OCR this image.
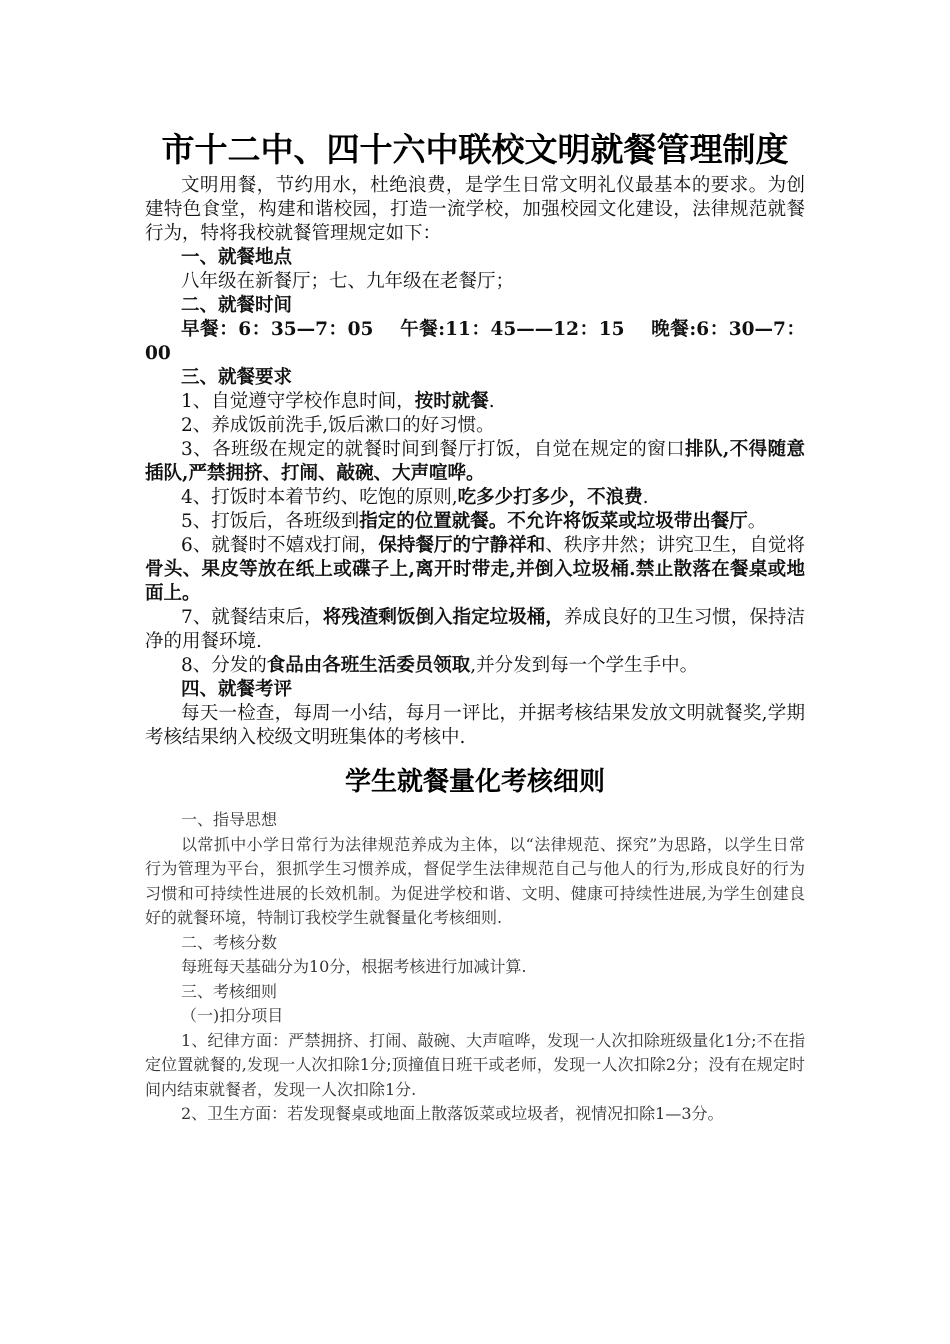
市十二中、四十六中联校文明就餐管理制度

文明用餐，节约用水，杜绝浪费，是学生日常文明礼仪最基本的要求。为创建特色食堂，构建和谐校园，打造一流学校，加强校园文化建设，法律规范就餐行为，特将我校就餐管理规定如下：

一、就餐地点

八年级在新餐厅；七、九年级在老餐厅；

二、就餐时间

早餐：6：35—7：05　 午餐:11：45——12：15　 晚餐:6：30—7：00

三、就餐要求

1、自觉遵守学校作息时间，按时就餐.

2、养成饭前洗手,饭后漱口的好习惯。

3、各班级在规定的就餐时间到餐厅打饭，自觉在规定的窗口排队,不得随意插队,严禁拥挤、打闹、敲碗、大声喧哗。

4、打饭时本着节约、吃饱的原则,吃多少打多少，不浪费.

5、打饭后，各班级到指定的位置就餐。不允许将饭菜或垃圾带出餐厅。

6、就餐时不嬉戏打闹，保持餐厅的宁静祥和、秩序井然；讲究卫生，自觉将骨头、果皮等放在纸上或碟子上,离开时带走,并倒入垃圾桶.禁止散落在餐桌或地面上。

7、就餐结束后，将残渣剩饭倒入指定垃圾桶，养成良好的卫生习惯，保持洁净的用餐环境.

8、分发的食品由各班生活委员领取,并分发到每一个学生手中。

四、就餐考评

每天一检查，每周一小结，每月一评比，并据考核结果发放文明就餐奖,学期考核结果纳入校级文明班集体的考核中.

学生就餐量化考核细则

一、指导思想

以常抓中小学日常行为法律规范养成为主体，以“法律规范、探究”为思路，以学生日常行为管理为平台，狠抓学生习惯养成，督促学生法律规范自己与他人的行为,形成良好的行为习惯和可持续性进展的长效机制。为促进学校和谐、文明、健康可持续性进展,为学生创建良好的就餐环境，特制订我校学生就餐量化考核细则.

二、考核分数

每班每天基础分为10分，根据考核进行加减计算.

三、考核细则

（一)扣分项目

1、纪律方面：严禁拥挤、打闹、敲碗、大声喧哗，发现一人次扣除班级量化1分;不在指定位置就餐的,发现一人次扣除1分;顶撞值日班干或老师，发现一人次扣除2分；没有在规定时间内结束就餐者，发现一人次扣除1分.

2、卫生方面：若发现餐桌或地面上散落饭菜或垃圾者，视情况扣除1—3分。
